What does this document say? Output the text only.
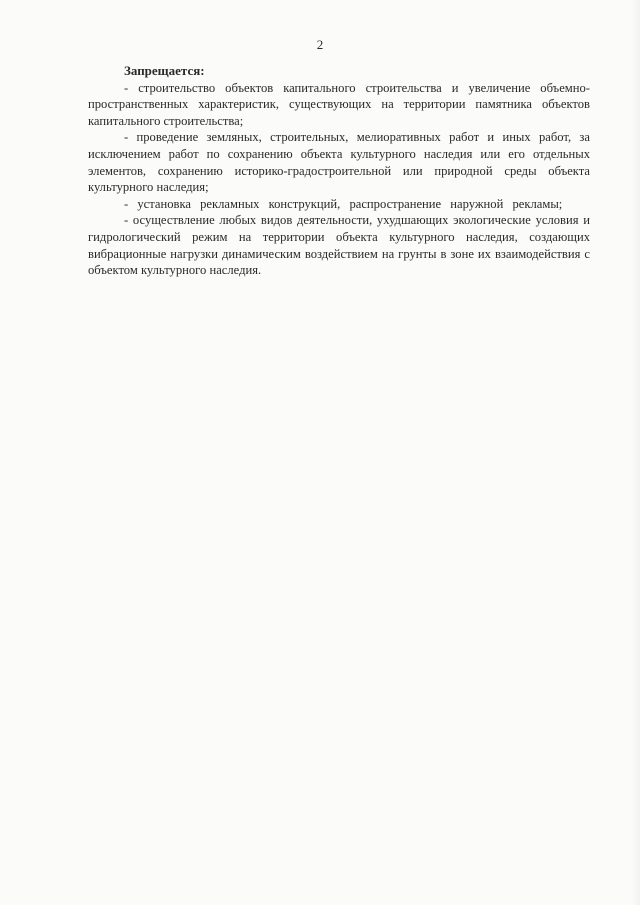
2

Запрещается:

- строительство объектов капитального строительства и увеличение объемно-пространственных характеристик, существующих на территории памятника объектов капитального строительства;

- проведение земляных, строительных, мелиоративных работ и иных работ, за исключением работ по сохранению объекта культурного наследия или его отдельных элементов, сохранению историко-градостроительной или природной среды объекта культурного наследия;

- установка рекламных конструкций, распространение наружной рекламы;

- осуществление любых видов деятельности, ухудшающих экологические условия и гидрологический режим на территории объекта культурного наследия, создающих вибрационные нагрузки динамическим воздействием на грунты в зоне их взаимодействия с объектом культурного наследия.
